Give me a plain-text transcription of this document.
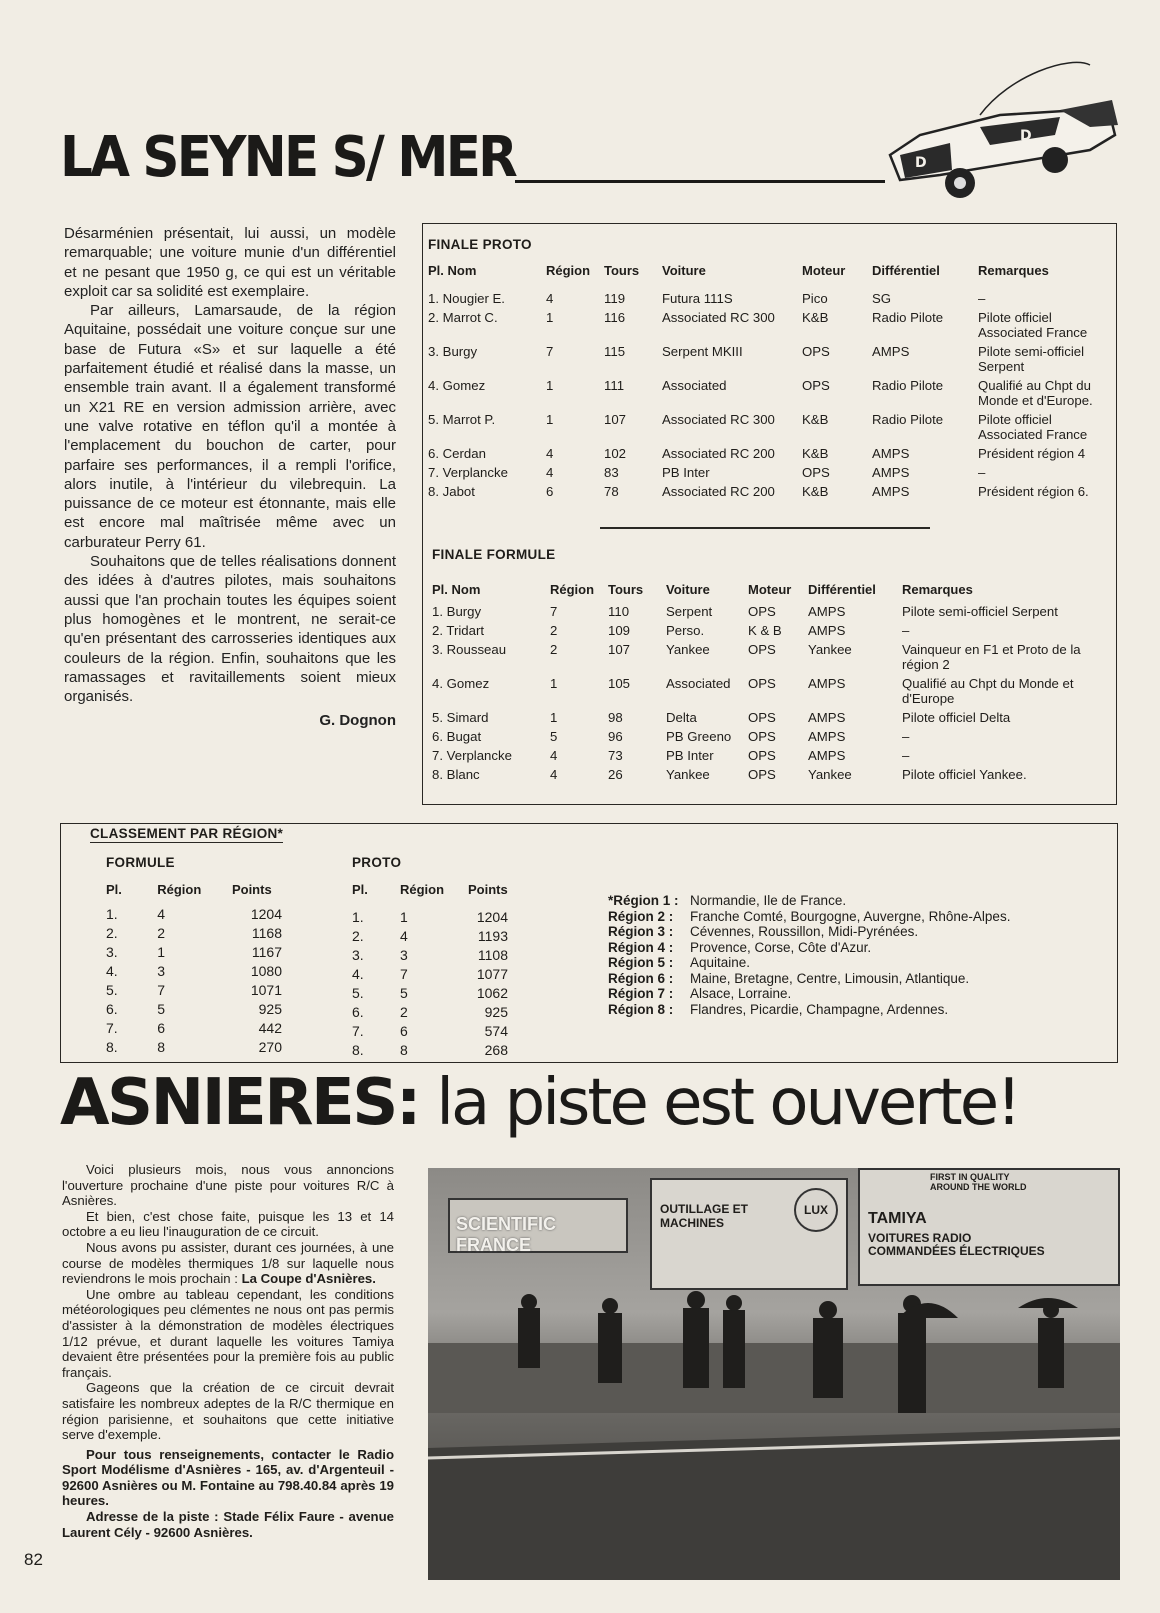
LA SEYNE S/ MER	D
D

Désarménien présentait, lui aussi, un modèle remarquable; une voiture munie d'un différentiel et ne pesant que 1950 g, ce qui est un véritable exploit car sa solidité est exemplaire.

Par ailleurs, Lamarsaude, de la région Aquitaine, possédait une voiture conçue sur une base de Futura «S» et sur laquelle a été parfaitement étudié et réalisé dans la masse, un ensemble train avant. Il a également transformé un X21 RE en version admission arrière, avec une valve rotative en téflon qu'il a montée à l'emplacement du bouchon de carter, pour parfaire ses performances, il a rempli l'orifice, alors inutile, à l'intérieur du vilebrequin. La puissance de ce moteur est étonnante, mais elle est encore mal maîtrisée même avec un carburateur Perry 61.

Souhaitons que de telles réalisations donnent des idées à d'autres pilotes, mais souhaitons aussi que l'an prochain toutes les équipes soient plus homogènes et le montrent, ne serait-ce qu'en présentant des carrosseries identiques aux couleurs de la région. Enfin, souhaitons que les ramassages et ravitaillements soient mieux organisés.

G. Dognon

FINALE PROTO
Pl. Nom	Région	Tours	Voiture	Moteur	Différentiel	Remarques
1. Nougier E.	4	119	Futura 111S	Pico	SG	–
2. Marrot C.	1	116	Associated RC 300	K&B	Radio Pilote	Pilote officiel Associated France
3. Burgy	7	115	Serpent MKIII	OPS	AMPS	Pilote semi-officiel Serpent
4. Gomez	1	111	Associated	OPS	Radio Pilote	Qualifié au Chpt du Monde et d'Europe.
5. Marrot P.	1	107	Associated RC 300	K&B	Radio Pilote	Pilote officiel Associated France
6. Cerdan	4	102	Associated RC 200	K&B	AMPS	Président région 4
7. Verplancke	4	83	PB Inter	OPS	AMPS	–
8. Jabot	6	78	Associated RC 200	K&B	AMPS	Président région 6.
FINALE FORMULE
Pl. Nom	Région	Tours	Voiture	Moteur	Différentiel	Remarques
1. Burgy	7	110	Serpent	OPS	AMPS	Pilote semi-officiel Serpent
2. Tridart	2	109	Perso.	K & B	AMPS	–
3. Rousseau	2	107	Yankee	OPS	Yankee	Vainqueur en F1 et Proto de la région 2
4. Gomez	1	105	Associated	OPS	AMPS	Qualifié au Chpt du Monde et d'Europe
5. Simard	1	98	Delta	OPS	AMPS	Pilote officiel Delta
6. Bugat	5	96	PB Greeno	OPS	AMPS	–
7. Verplancke	4	73	PB Inter	OPS	AMPS	–
8. Blanc	4	26	Yankee	OPS	Yankee	Pilote officiel Yankee.
CLASSEMENT PAR RÉGION*
FORMULE
Pl.	Région	Points
1.	4	1204
2.	2	1168
3.	1	1167
4.	3	1080
5.	7	1071
6.	5	925
7.	6	442
8.	8	270
PROTO
Pl.	Région	Points
1.	1	1204
2.	4	1193
3.	3	1108
4.	7	1077
5.	5	1062
6.	2	925
7.	6	574
8.	8	268
*Région 1 : Normandie, Ile de France.
Région 2 : Franche Comté, Bourgogne, Auvergne, Rhône-Alpes.
Région 3 : Cévennes, Roussillon, Midi-Pyrénées.
Région 4 : Provence, Corse, Côte d'Azur.
Région 5 : Aquitaine.
Région 6 : Maine, Bretagne, Centre, Limousin, Atlantique.
Région 7 : Alsace, Lorraine.
Région 8 : Flandres, Picardie, Champagne, Ardennes.
ASNIERES: la piste est ouverte!

Voici plusieurs mois, nous vous annoncions l'ouverture prochaine d'une piste pour voitures R/C à Asnières.

Et bien, c'est chose faite, puisque les 13 et 14 octobre a eu lieu l'inauguration de ce circuit.

Nous avons pu assister, durant ces journées, à une course de modèles thermiques 1/8 sur laquelle nous reviendrons le mois prochain : La Coupe d'Asnières.

Une ombre au tableau cependant, les conditions météorologiques peu clémentes ne nous ont pas permis d'assister à la démonstration de modèles électriques 1/12 prévue, et durant laquelle les voitures Tamiya devaient être présentées pour la première fois au public français.

Gageons que la création de ce circuit devrait satisfaire les nombreux adeptes de la R/C thermique en région parisienne, et souhaitons que cette initiative serve d'exemple.

Pour tous renseignements, contacter le Radio Sport Modélisme d'Asnières - 165, av. d'Argenteuil - 92600 Asnières ou M. Fontaine au 798.40.84 après 19 heures.

Adresse de la piste : Stade Félix Faure - avenue Laurent Cély - 92600 Asnières.

SCIENTIFIC FRANCE
OUTILLAGE ET MACHINES
LUX
FIRST IN QUALITY AROUND THE WORLD
TAMIYA
VOITURES RADIO COMMANDÉES ÉLECTRIQUES
82
